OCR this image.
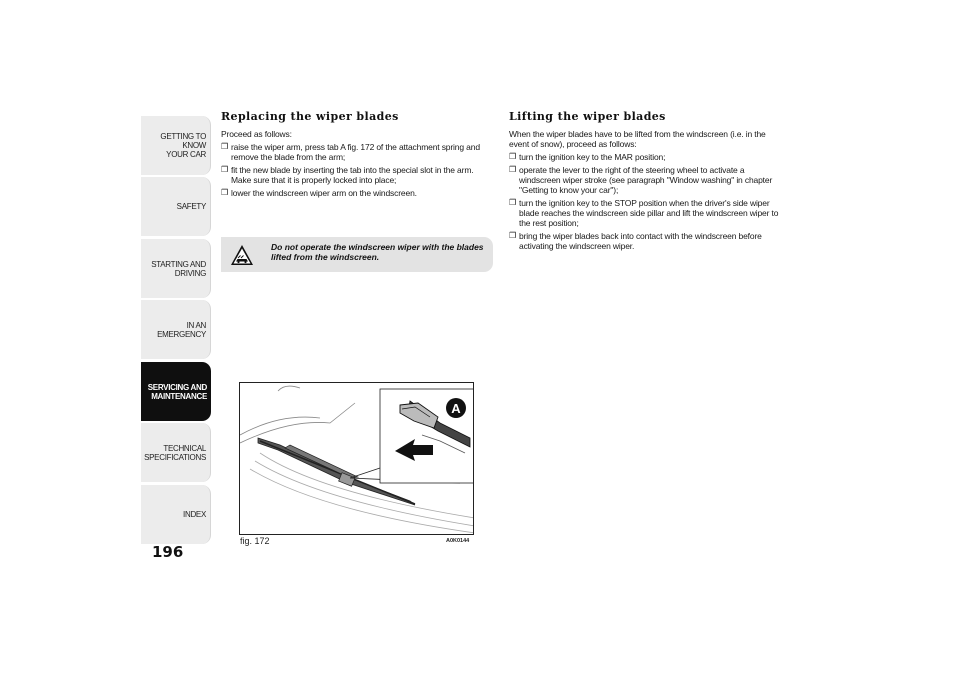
GETTING TO KNOW
YOUR CAR
SAFETY
STARTING AND
DRIVING
IN AN EMERGENCY
SERVICING AND
MAINTENANCE
TECHNICAL
SPECIFICATIONS
INDEX
196
Replacing the wiper blades

Proceed as follows:

❒ raise the wiper arm, press tab A fig. 172 of the attachment spring and remove the blade from the arm;
❒ fit the new blade by inserting the tab into the special slot in the arm. Make sure that it is properly locked into place;
❒ lower the windscreen wiper arm on the windscreen.
Do not operate the windscreen wiper with the blades lifted from the windscreen.
A
fig. 172	A0K0144
Lifting the wiper blades

When the wiper blades have to be lifted from the windscreen (i.e. in the event of snow), proceed as follows:

❒ turn the ignition key to the MAR position;
❒ operate the lever to the right of the steering wheel to activate a windscreen wiper stroke (see paragraph "Window washing" in chapter "Getting to know your car");
❒ turn the ignition key to the STOP position when the driver's side wiper blade reaches the windscreen side pillar and lift the windscreen wiper to the rest position;
❒ bring the wiper blades back into contact with the windscreen before activating the windscreen wiper.
